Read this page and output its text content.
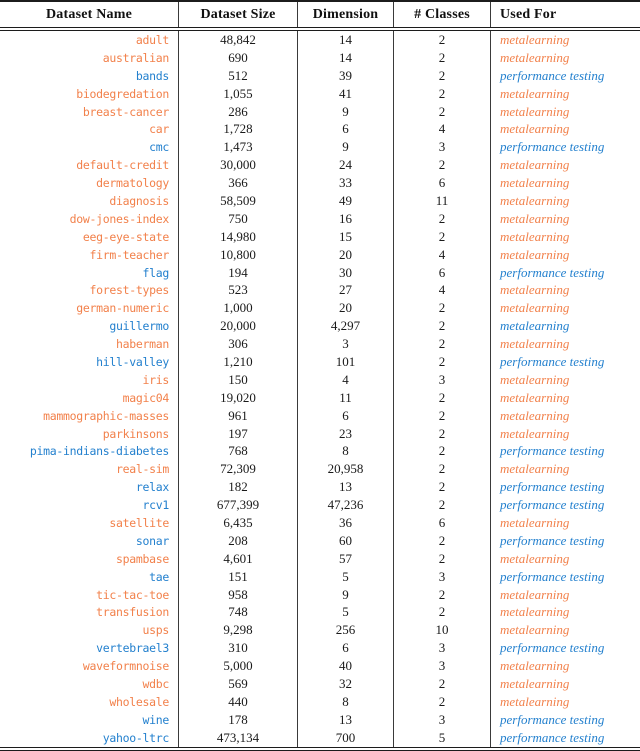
Dataset Name	Dataset Size	Dimension	# Classes	Used For
adult	48,842	14	2	metalearning
australian	690	14	2	metalearning
bands	512	39	2	performance testing
biodegredation	1,055	41	2	metalearning
breast-cancer	286	9	2	metalearning
car	1,728	6	4	metalearning
cmc	1,473	9	3	performance testing
default-credit	30,000	24	2	metalearning
dermatology	366	33	6	metalearning
diagnosis	58,509	49	11	metalearning
dow-jones-index	750	16	2	metalearning
eeg-eye-state	14,980	15	2	metalearning
firm-teacher	10,800	20	4	metalearning
flag	194	30	6	performance testing
forest-types	523	27	4	metalearning
german-numeric	1,000	20	2	metalearning
guillermo	20,000	4,297	2	metalearning
haberman	306	3	2	metalearning
hill-valley	1,210	101	2	performance testing
iris	150	4	3	metalearning
magic04	19,020	11	2	metalearning
mammographic-masses	961	6	2	metalearning
parkinsons	197	23	2	metalearning
pima-indians-diabetes	768	8	2	performance testing
real-sim	72,309	20,958	2	metalearning
relax	182	13	2	performance testing
rcv1	677,399	47,236	2	performance testing
satellite	6,435	36	6	metalearning
sonar	208	60	2	performance testing
spambase	4,601	57	2	metalearning
tae	151	5	3	performance testing
tic-tac-toe	958	9	2	metalearning
transfusion	748	5	2	metalearning
usps	9,298	256	10	metalearning
vertebrael3	310	6	3	performance testing
waveformnoise	5,000	40	3	metalearning
wdbc	569	32	2	metalearning
wholesale	440	8	2	metalearning
wine	178	13	3	performance testing
yahoo-ltrc	473,134	700	5	performance testing
